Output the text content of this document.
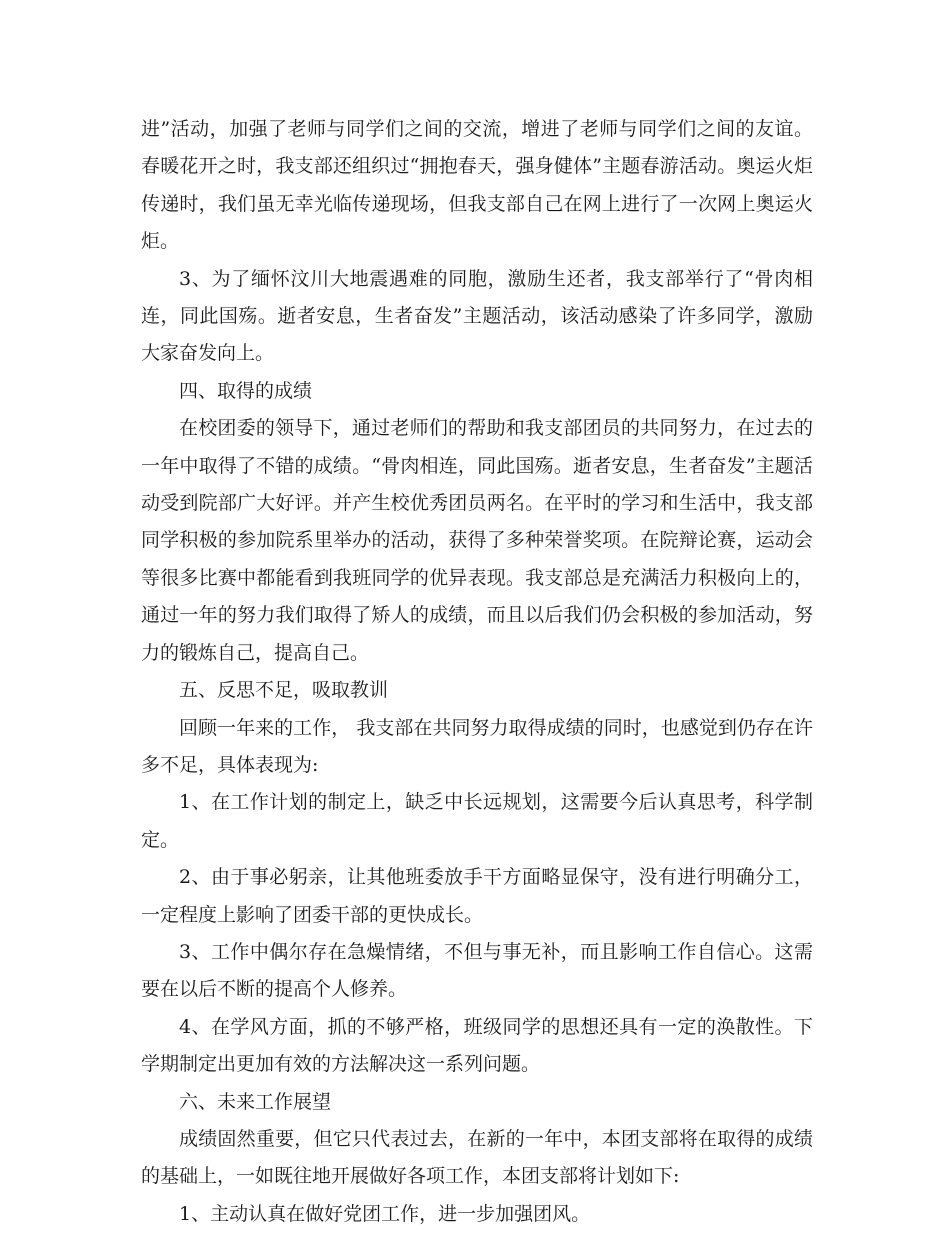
进”活动，加强了老师与同学们之间的交流，增进了老师与同学们之间的友谊。春暖花开之时，我支部还组织过“拥抱春天，强身健体”主题春游活动。奥运火炬传递时，我们虽无幸光临传递现场，但我支部自己在网上进行了一次网上奥运火炬。

3、为了缅怀汶川大地震遇难的同胞，激励生还者，我支部举行了“骨肉相连，同此国殇。逝者安息，生者奋发”主题活动，该活动感染了许多同学，激励大家奋发向上。

四、取得的成绩

在校团委的领导下，通过老师们的帮助和我支部团员的共同努力，在过去的一年中取得了不错的成绩。“骨肉相连，同此国殇。逝者安息，生者奋发”主题活动受到院部广大好评。并产生校优秀团员两名。在平时的学习和生活中，我支部同学积极的参加院系里举办的活动，获得了多种荣誉奖项。在院辩论赛，运动会等很多比赛中都能看到我班同学的优异表现。我支部总是充满活力积极向上的，通过一年的努力我们取得了矫人的成绩，而且以后我们仍会积极的参加活动，努力的锻炼自己，提高自己。

五、反思不足，吸取教训

回顾一年来的工作， 我支部在共同努力取得成绩的同时，也感觉到仍存在许多不足，具体表现为:

1、在工作计划的制定上，缺乏中长远规划，这需要今后认真思考，科学制定。

2、由于事必躬亲，让其他班委放手干方面略显保守，没有进行明确分工，一定程度上影响了团委干部的更快成长。

3、工作中偶尔存在急燥情绪，不但与事无补，而且影响工作自信心。这需要在以后不断的提高个人修养。

4、在学风方面，抓的不够严格，班级同学的思想还具有一定的涣散性。下学期制定出更加有效的方法解决这一系列问题。

六、未来工作展望

成绩固然重要，但它只代表过去，在新的一年中，本团支部将在取得的成绩的基础上，一如既往地开展做好各项工作，本团支部将计划如下:

1、主动认真在做好党团工作，进一步加强团风。
